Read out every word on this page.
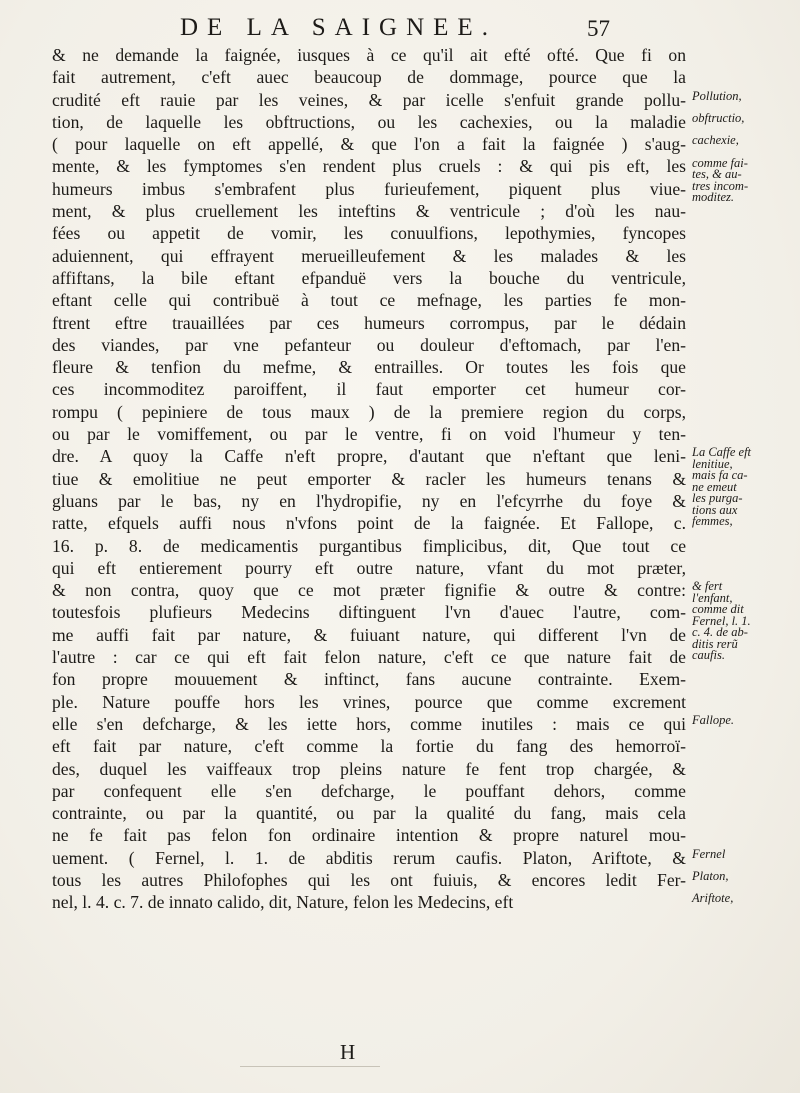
DE LA SAIGNEE.	57
& ne demande la faignée, iusques à ce qu'il ait efté ofté. Que fi on
fait autrement, c'eft auec beaucoup de dommage, pource que la
crudité eft rauie par les veines, & par icelle s'enfuit grande pollu-
tion, de laquelle les obftructions, ou les cachexies, ou la maladie
( pour laquelle on eft appellé, & que l'on a fait la faignée ) s'aug-
mente, & les fymptomes s'en rendent plus cruels : & qui pis eft, les
humeurs imbus s'embrafent plus furieufement, piquent plus viue-
ment, & plus cruellement les inteftins & ventricule ; d'où les nau-
fées ou appetit de vomir, les conuulfions, lepothymies, fyncopes
aduiennent, qui effrayent merueilleufement & les malades & les
affiftans, la bile eftant efpanduë vers la bouche du ventricule,
eftant celle qui contribuë à tout ce mefnage, les parties fe mon-
ftrent eftre trauaillées par ces humeurs corrompus, par le dédain
des viandes, par vne pefanteur ou douleur d'eftomach, par l'en-
fleure & tenfion du mefme, & entrailles. Or toutes les fois que
ces incommoditez paroiffent, il faut emporter cet humeur cor-
rompu ( pepiniere de tous maux ) de la premiere region du corps,
ou par le vomiffement, ou par le ventre, fi on void l'humeur y ten-
dre. A quoy la Caffe n'eft propre, d'autant que n'eftant que leni-
tiue & emolitiue ne peut emporter & racler les humeurs tenans &
gluans par le bas, ny en l'hydropifie, ny en l'efcyrrhe du foye &
ratte, efquels auffi nous n'vfons point de la faignée. Et Fallope, c.
16. p. 8. de medicamentis purgantibus fimplicibus, dit, Que tout ce
qui eft entierement pourry eft outre nature, vfant du mot præter,
& non contra, quoy que ce mot præter fignifie & outre & contre:
toutesfois plufieurs Medecins diftinguent l'vn d'auec l'autre, com-
me auffi fait par nature, & fuiuant nature, qui different l'vn de
l'autre : car ce qui eft fait felon nature, c'eft ce que nature fait de
fon propre mouuement & inftinct, fans aucune contrainte. Exem-
ple. Nature pouffe hors les vrines, pource que comme excrement
elle s'en defcharge, & les iette hors, comme inutiles : mais ce qui
eft fait par nature, c'eft comme la fortie du fang des hemorroï-
des, duquel les vaiffeaux trop pleins nature fe fent trop chargée, &
par confequent elle s'en defcharge, le pouffant dehors, comme
contrainte, ou par la quantité, ou par la qualité du fang, mais cela
ne fe fait pas felon fon ordinaire intention & propre naturel mou-
uement. ( Fernel, l. 1. de abditis rerum caufis. Platon, Ariftote, &
tous les autres Philofophes qui les ont fuiuis, & encores ledit Fer-
nel, l. 4. c. 7. de innato calido, dit, Nature, felon les Medecins, eft
Pollution,
obftructio,
cachexie,
comme fai-
tes, & au-
tres incom-
moditez.
La Caffe eft
lenitiue,
mais fa ca-
ne emeut
les purga-
tions aux
femmes,
& fert
l'enfant,
comme dit
Fernel, l. 1.
c. 4. de ab-
ditis rerũ
caufis.
Fallope.
Fernel
Platon,
Ariftote,
H
